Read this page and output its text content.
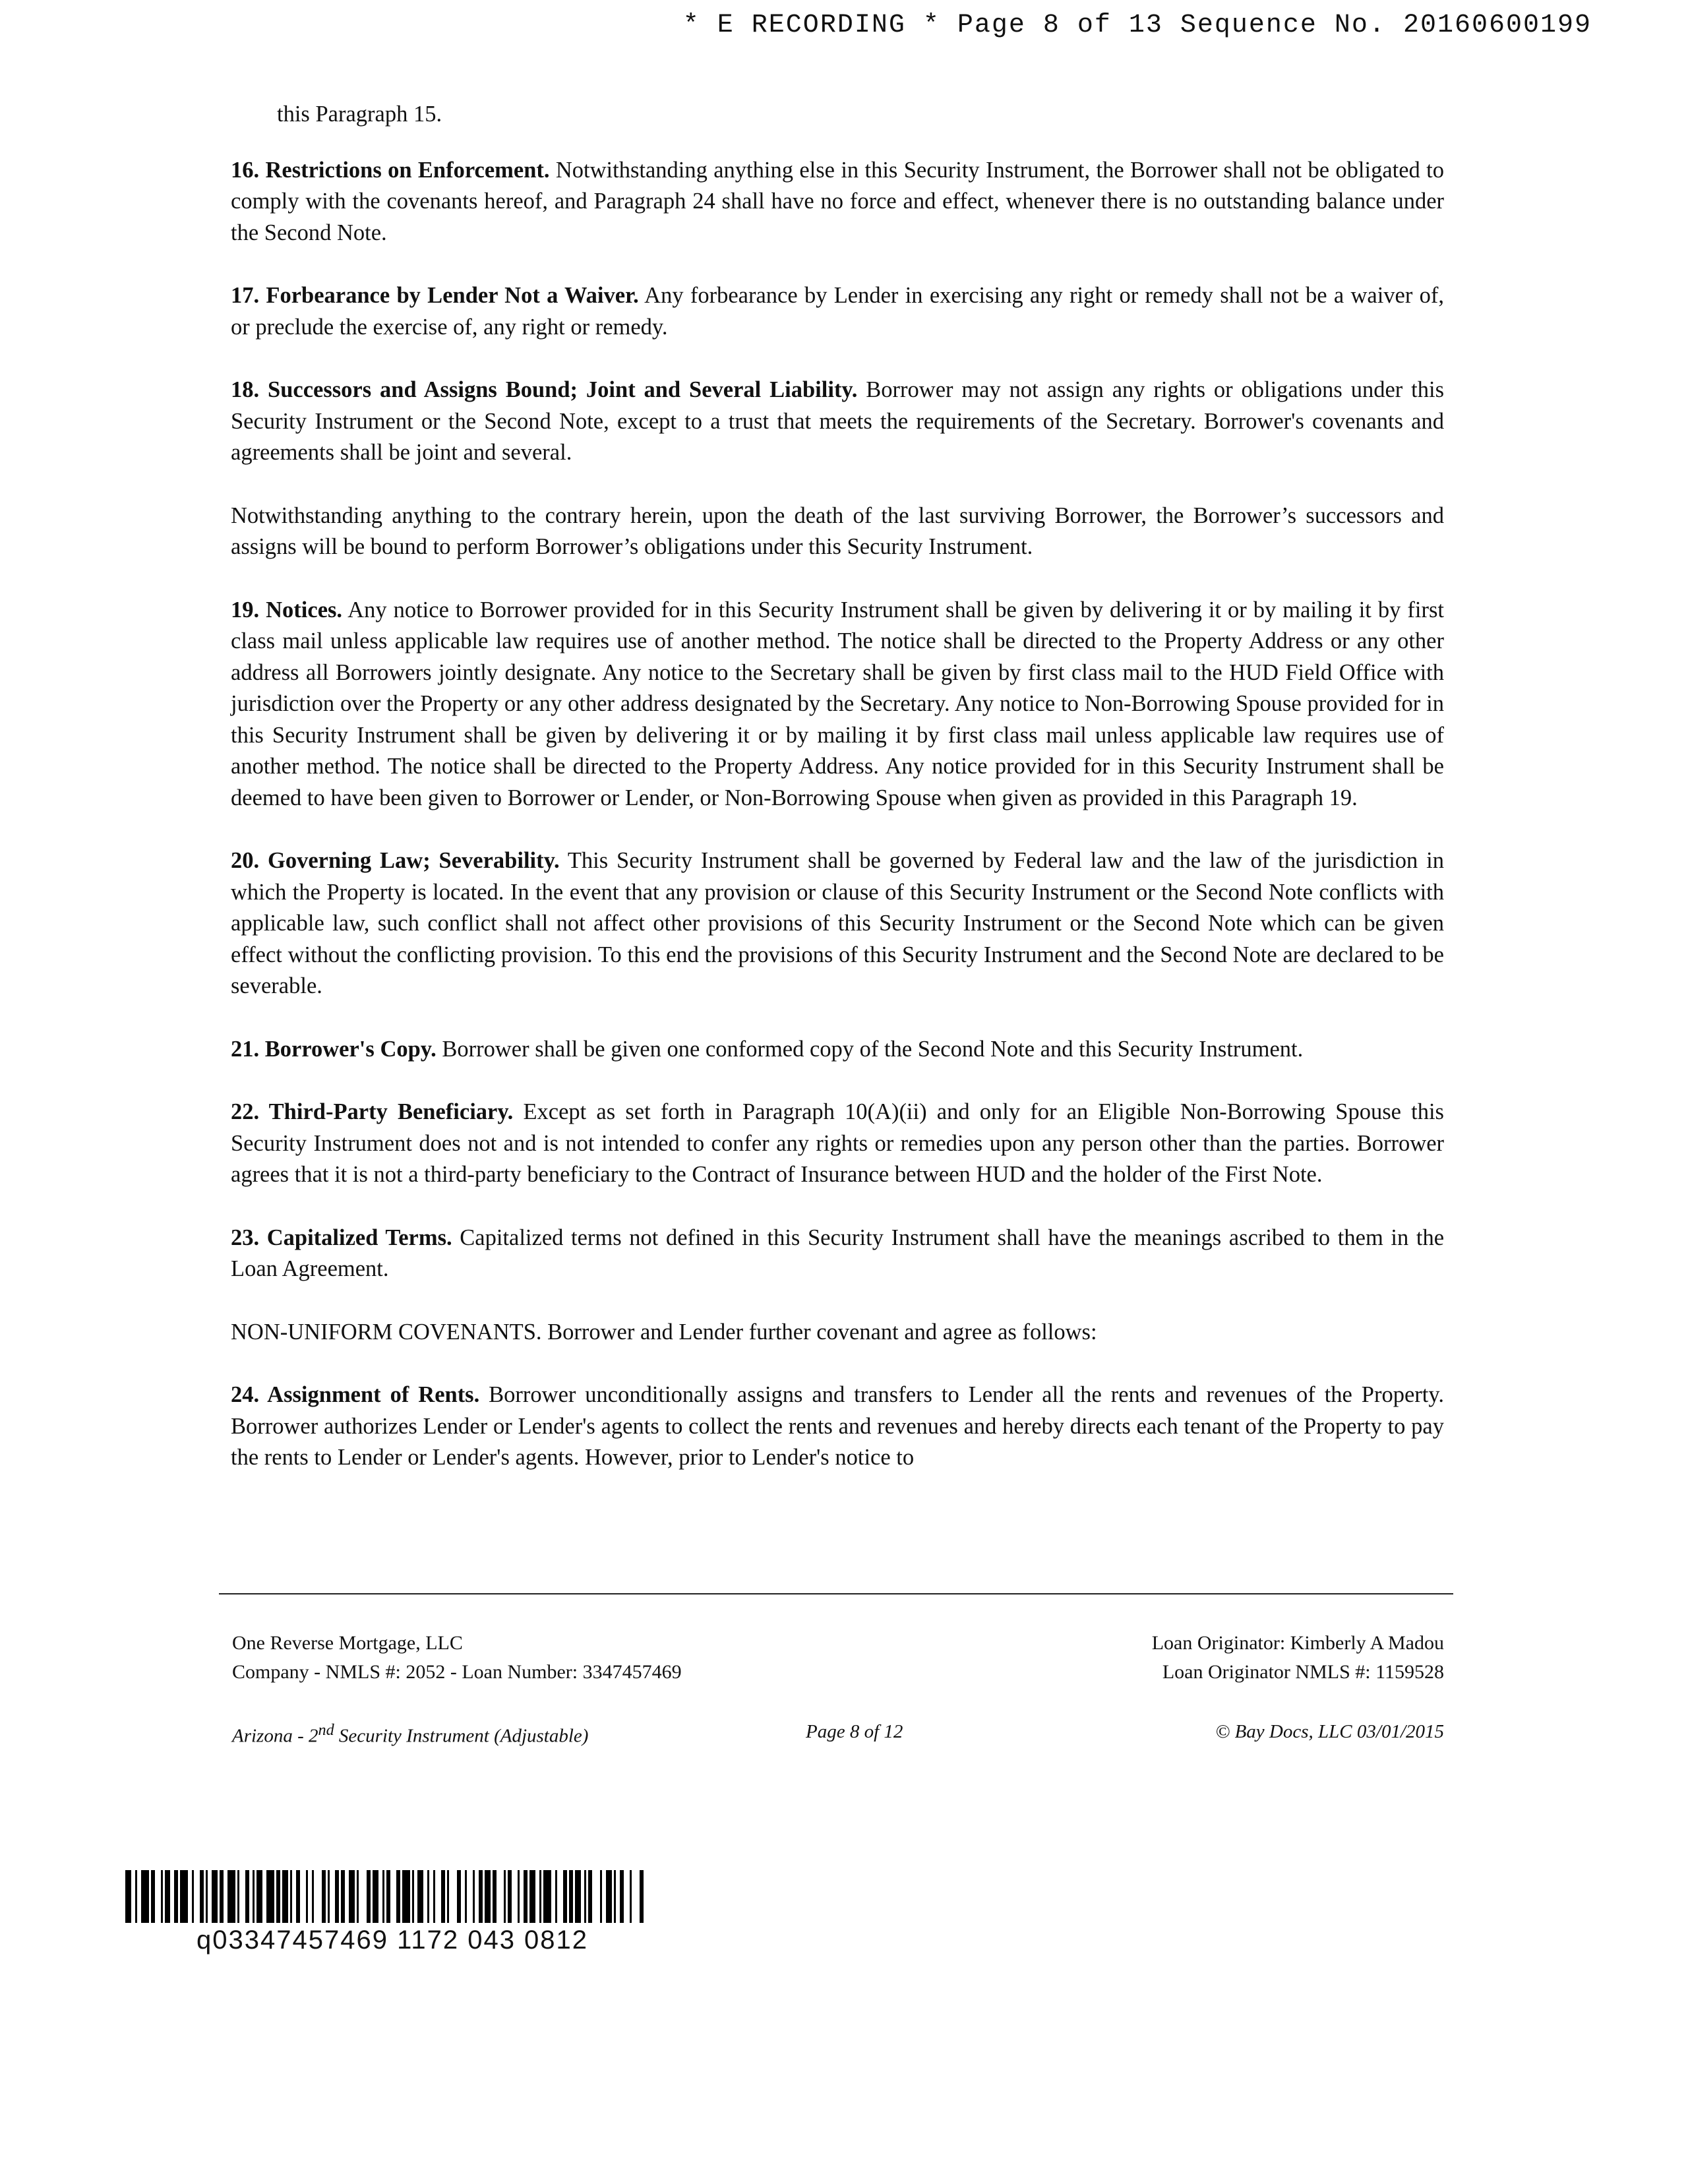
* E RECORDING * Page 8 of 13 Sequence No. 20160600199

this Paragraph 15.

16. Restrictions on Enforcement. Notwithstanding anything else in this Security Instrument, the Borrower shall not be obligated to comply with the covenants hereof, and Paragraph 24 shall have no force and effect, whenever there is no outstanding balance under the Second Note.

17. Forbearance by Lender Not a Waiver. Any forbearance by Lender in exercising any right or remedy shall not be a waiver of, or preclude the exercise of, any right or remedy.

18. Successors and Assigns Bound; Joint and Several Liability. Borrower may not assign any rights or obligations under this Security Instrument or the Second Note, except to a trust that meets the requirements of the Secretary. Borrower's covenants and agreements shall be joint and several.

Notwithstanding anything to the contrary herein, upon the death of the last surviving Borrower, the Borrower’s successors and assigns will be bound to perform Borrower’s obligations under this Security Instrument.

19. Notices. Any notice to Borrower provided for in this Security Instrument shall be given by delivering it or by mailing it by first class mail unless applicable law requires use of another method. The notice shall be directed to the Property Address or any other address all Borrowers jointly designate. Any notice to the Secretary shall be given by first class mail to the HUD Field Office with jurisdiction over the Property or any other address designated by the Secretary. Any notice to Non-Borrowing Spouse provided for in this Security Instrument shall be given by delivering it or by mailing it by first class mail unless applicable law requires use of another method. The notice shall be directed to the Property Address. Any notice provided for in this Security Instrument shall be deemed to have been given to Borrower or Lender, or Non-Borrowing Spouse when given as provided in this Paragraph 19.

20. Governing Law; Severability. This Security Instrument shall be governed by Federal law and the law of the jurisdiction in which the Property is located. In the event that any provision or clause of this Security Instrument or the Second Note conflicts with applicable law, such conflict shall not affect other provisions of this Security Instrument or the Second Note which can be given effect without the conflicting provision. To this end the provisions of this Security Instrument and the Second Note are declared to be severable.

21. Borrower's Copy. Borrower shall be given one conformed copy of the Second Note and this Security Instrument.

22. Third-Party Beneficiary. Except as set forth in Paragraph 10(A)(ii) and only for an Eligible Non-Borrowing Spouse this Security Instrument does not and is not intended to confer any rights or remedies upon any person other than the parties. Borrower agrees that it is not a third-party beneficiary to the Contract of Insurance between HUD and the holder of the First Note.

23. Capitalized Terms. Capitalized terms not defined in this Security Instrument shall have the meanings ascribed to them in the Loan Agreement.

NON-UNIFORM COVENANTS. Borrower and Lender further covenant and agree as follows:

24. Assignment of Rents. Borrower unconditionally assigns and transfers to Lender all the rents and revenues of the Property. Borrower authorizes Lender or Lender's agents to collect the rents and revenues and hereby directs each tenant of the Property to pay the rents to Lender or Lender's agents. However, prior to Lender's notice to

One Reverse Mortgage, LLC
Company - NMLS #: 2052 - Loan Number: 3347457469
Loan Originator: Kimberly A Madou
Loan Originator NMLS #: 1159528
Arizona - 2nd Security Instrument (Adjustable)	Page 8 of 12	© Bay Docs, LLC 03/01/2015
q03347457469 1172 043 0812
